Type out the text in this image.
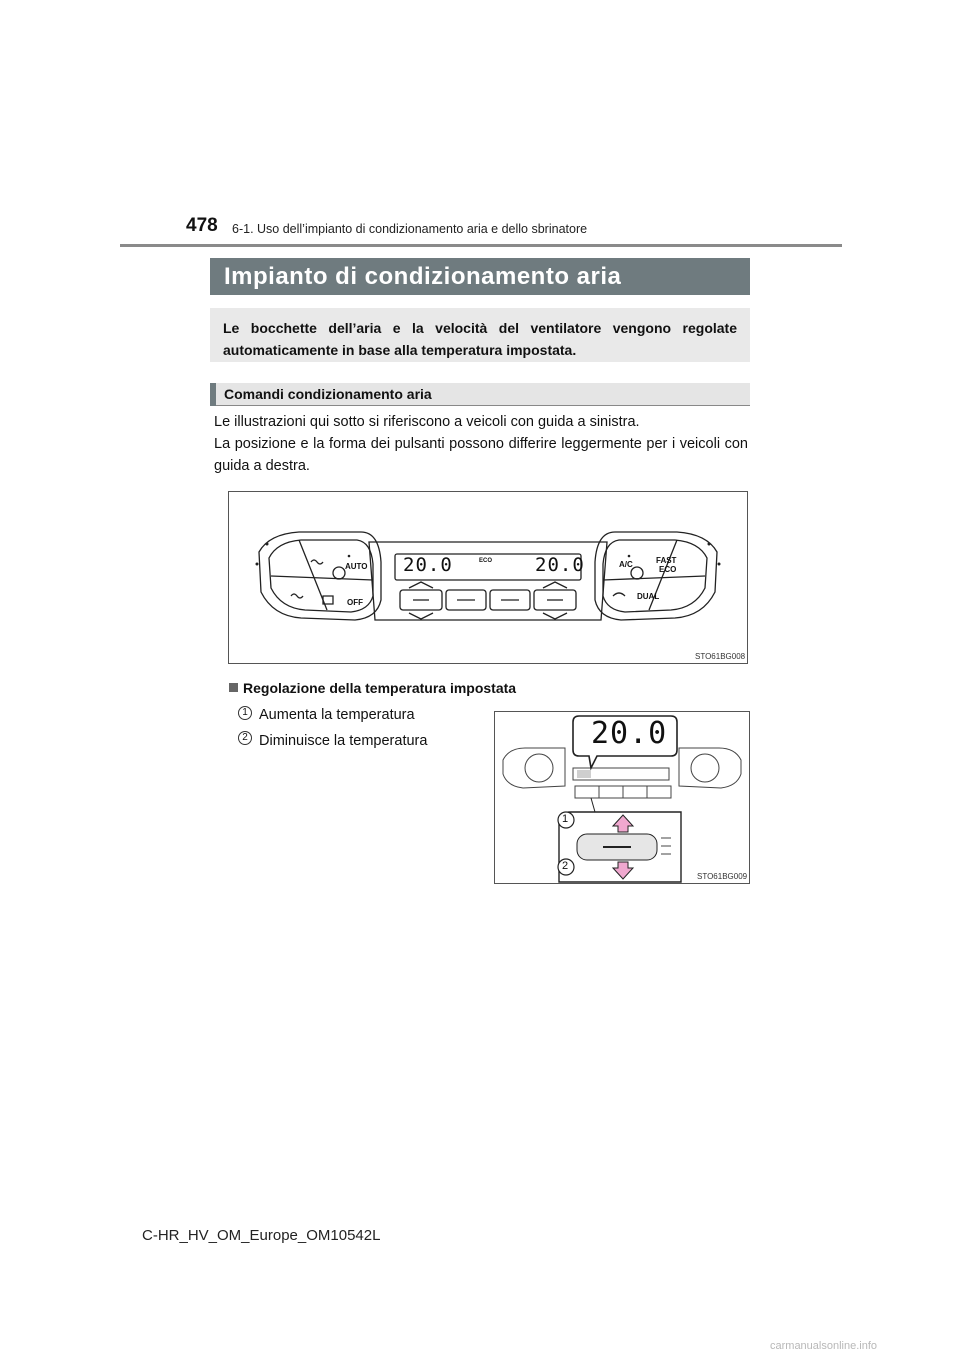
478 6-1. Uso dell’impianto di condizionamento aria e dello sbrinatore
Impianto di condizionamento aria

Le bocchette dell’aria e la velocità del ventilatore vengono regolate automaticamente in base alla temperatura impostata.

Comandi condizionamento aria

Le illustrazioni qui sotto si riferiscono a veicoli con guida a sinistra.

La posizione e la forma dei pulsanti possono differire leggermente per i veicoli con guida a destra.

20.0	20.0
ECO
AUTO
OFF
A/C	FAST
ECO
DUAL
STO61BG008
Regolazione della temperatura impostata
1 Aumenta la temperatura
2 Diminuisce la temperatura	20.0
1
2
STO61BG009
C-HR_HV_OM_Europe_OM10542L
carmanualsonline.info
